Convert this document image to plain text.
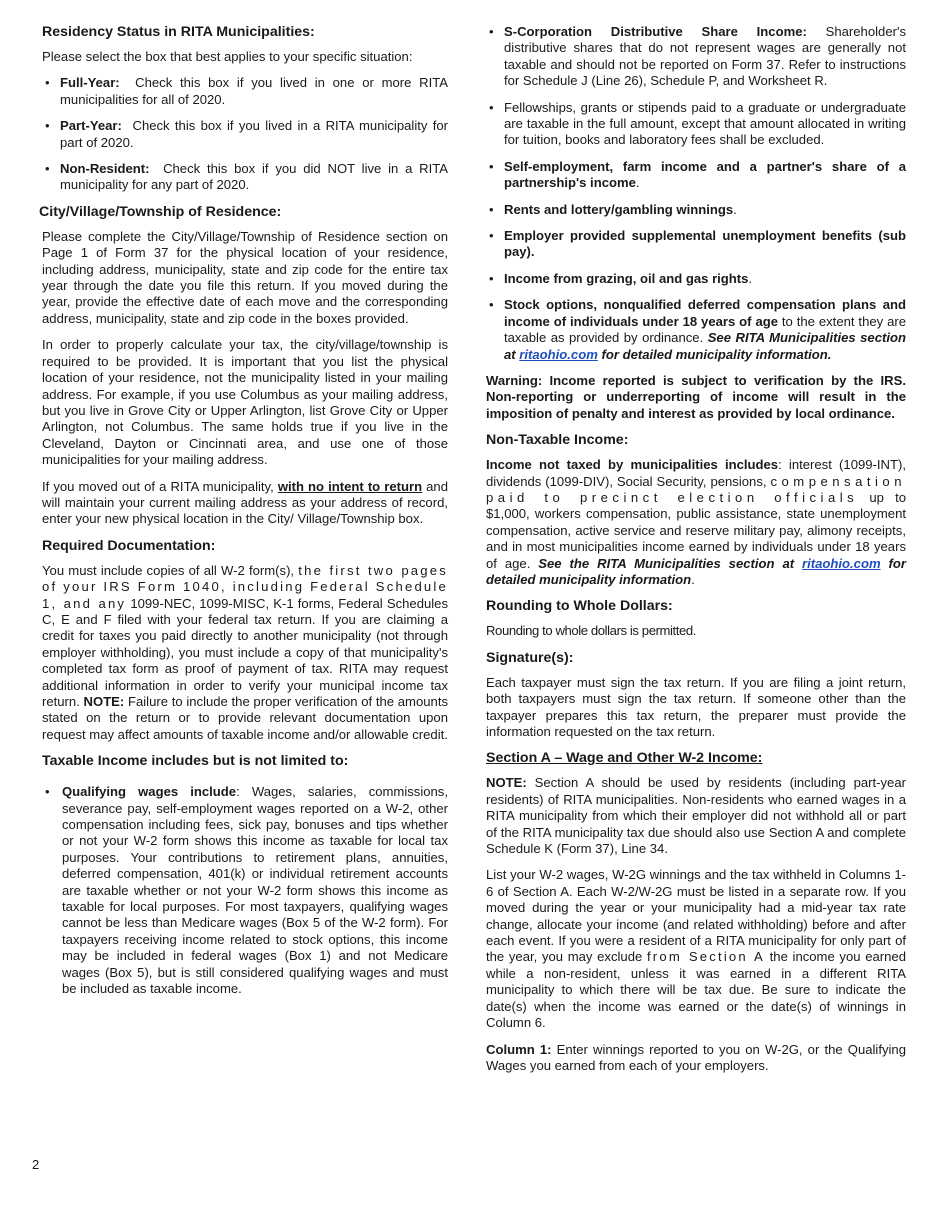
Residency Status in RITA Municipalities:

Please select the box that best applies to your specific situation:

• Full-Year: Check this box if you lived in one or more RITA municipalities for all of 2020.
• Part-Year: Check this box if you lived in a RITA municipality for part of 2020.
• Non-Resident: Check this box if you did NOT live in a RITA municipality for any part of 2020.
City/Village/Township of Residence:

Please complete the City/Village/Township of Residence section on Page 1 of Form 37 for the physical location of your residence, including address, municipality, state and zip code for the entire tax year through the date you file this return. If you moved during the year, provide the effective date of each move and the corresponding address, municipality, state and zip code in the boxes provided.

In order to properly calculate your tax, the city/village/township is required to be provided. It is important that you list the physical location of your residence, not the municipality listed in your mailing address. For example, if you use Columbus as your mailing address, but you live in Grove City or Upper Arlington, list Grove City or Upper Arlington, not Columbus. The same holds true if you live in the Cleveland, Dayton or Cincinnati area, and use one of those municipalities for your mailing address.

If you moved out of a RITA municipality, with no intent to return and will maintain your current mailing address as your address of record, enter your new physical location in the City/ Village/Township box.

Required Documentation:

You must include copies of all W-2 form(s), the first two pages of your IRS Form 1040, including Federal Schedule 1, and any 1099-NEC, 1099-MISC, K-1 forms, Federal Schedules C, E and F filed with your federal tax return. If you are claiming a credit for taxes you paid directly to another municipality (not through employer withholding), you must include a copy of that municipality's completed tax form as proof of payment of tax. RITA may request additional information in order to verify your municipal income tax return. NOTE: Failure to include the proper verification of the amounts stated on the return or to provide relevant documentation upon request may affect amounts of taxable income and/or allowable credit.

Taxable Income includes but is not limited to:
• Qualifying wages include: Wages, salaries, commissions, severance pay, self-employment wages reported on a W-2, other compensation including fees, sick pay, bonuses and tips whether or not your W-2 form shows this income as taxable for local tax purposes. Your contributions to retirement plans, annuities, deferred compensation, 401(k) or individual retirement accounts are taxable whether or not your W-2 form shows this income as taxable for local purposes. For most taxpayers, qualifying wages cannot be less than Medicare wages (Box 5 of the W-2 form). For taxpayers receiving income related to stock options, this income may be included in federal wages (Box 1) and not Medicare wages (Box 5), but is still considered qualifying wages and must be included as taxable income.
• S-Corporation Distributive Share Income: Shareholder's distributive shares that do not represent wages are generally not taxable and should not be reported on Form 37. Refer to instructions for Schedule J (Line 26), Schedule P, and Worksheet R.
• Fellowships, grants or stipends paid to a graduate or undergraduate are taxable in the full amount, except that amount allocated in writing for tuition, books and laboratory fees shall be excluded.
• Self-employment, farm income and a partner's share of a partnership's income.
• Rents and lottery/gambling winnings.
• Employer provided supplemental unemployment benefits (sub pay).
• Income from grazing, oil and gas rights.
• Stock options, nonqualified deferred compensation plans and income of individuals under 18 years of age to the extent they are taxable as provided by ordinance. See RITA Municipalities section at ritaohio.com for detailed municipality information.

Warning: Income reported is subject to verification by the IRS. Non-reporting or underreporting of income will result in the imposition of penalty and interest as provided by local ordinance.

Non-Taxable Income:

Income not taxed by municipalities includes: interest (1099-INT), dividends (1099-DIV), Social Security, pensions, compensation paid to precinct election officials up to $1,000, workers compensation, public assistance, state unemployment compensation, active service and reserve military pay, alimony receipts, and in most municipalities income earned by individuals under 18 years of age. See the RITA Municipalities section at ritaohio.com for detailed municipality information.

Rounding to Whole Dollars:

Rounding to whole dollars is permitted.

Signature(s):

Each taxpayer must sign the tax return. If you are filing a joint return, both taxpayers must sign the tax return. If someone other than the taxpayer prepares this tax return, the preparer must provide the information requested on the tax return.

Section A – Wage and Other W-2 Income:

NOTE: Section A should be used by residents (including part-year residents) of RITA municipalities. Non-residents who earned wages in a RITA municipality from which their employer did not withhold all or part of the RITA municipality tax due should also use Section A and complete Schedule K (Form 37), Line 34.

List your W-2 wages, W-2G winnings and the tax withheld in Columns 1-6 of Section A. Each W-2/W-2G must be listed in a separate row. If you moved during the year or your municipality had a mid-year tax rate change, allocate your income (and related withholding) before and after each event. If you were a resident of a RITA municipality for only part of the year, you may exclude from Section A the income you earned while a non-resident, unless it was earned in a different RITA municipality to which there will be tax due. Be sure to indicate the date(s) when the income was earned or the date(s) of winnings in Column 6.

Column 1: Enter winnings reported to you on W-2G, or the Qualifying Wages you earned from each of your employers.

2
